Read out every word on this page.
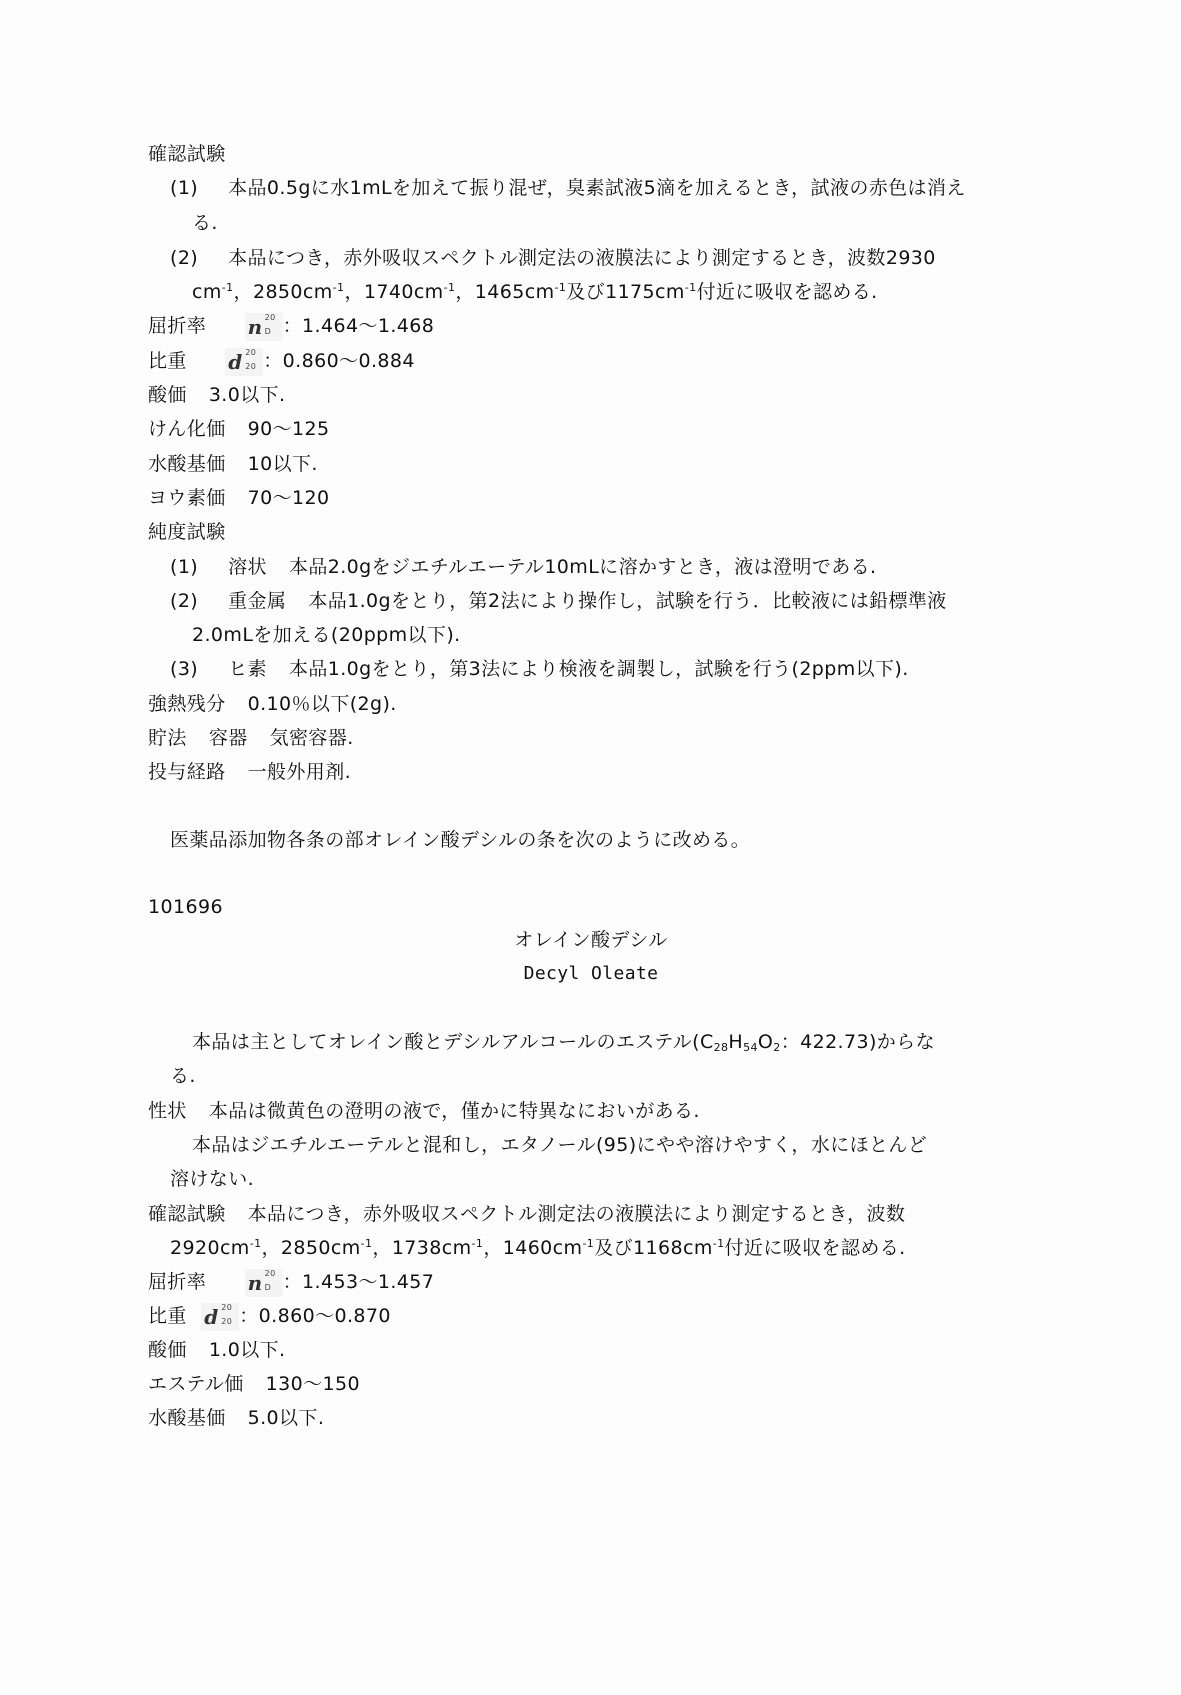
確認試験
(1) 本品0.5gに水1mLを加えて振り混ぜ，臭素試液5滴を加えるとき，試液の赤色は消え
る.
(2) 本品につき，赤外吸収スペクトル測定法の液膜法により測定するとき，波数2930
$cm^{-1}$，$2850cm^{-1}$，$1740cm^{-1}$，$1465cm^{-1}$及び$1175cm^{-1}$付近に吸収を認める.
屈折率 n 20
D ：1.464～1.468
比重 d 20
20 ：0.860～0.884
酸価 3.0以下.
けん化価 90～125
水酸基価 10以下.
ヨウ素価 70～120
純度試験
(1) 溶状 本品2.0gをジエチルエーテル10mLに溶かすとき，液は澄明である.
(2) 重金属 本品1.0gをとり，第2法により操作し，試験を行う．比較液には鉛標準液
2.0mLを加える(20ppm以下).
(3) ヒ素 本品1.0gをとり，第3法により検液を調製し，試験を行う(2ppm以下).
強熱残分 0.10％以下(2g).
貯法 容器 気密容器.
投与経路 一般外用剤.
医薬品添加物各条の部オレイン酸デシルの条を次のように改める。
101696
オレイン酸デシル
Decyl Oleate
本品は主としてオレイン酸とデシルアルコールのエステル($C_{28}H_{54}O_2$：422.73)からな
る.
性状 本品は微黄色の澄明の液で，僅かに特異なにおいがある.
本品はジエチルエーテルと混和し，エタノール(95)にやや溶けやすく，水にほとんど
溶けない.
確認試験 本品につき，赤外吸収スペクトル測定法の液膜法により測定するとき，波数
$2920cm^{-1}$，$2850cm^{-1}$，$1738cm^{-1}$，$1460cm^{-1}$及び$1168cm^{-1}$付近に吸収を認める.
屈折率 n 20
D ：1.453～1.457
比重 d 20
20 ：0.860～0.870
酸価 1.0以下.
エステル価 130～150
水酸基価 5.0以下.
